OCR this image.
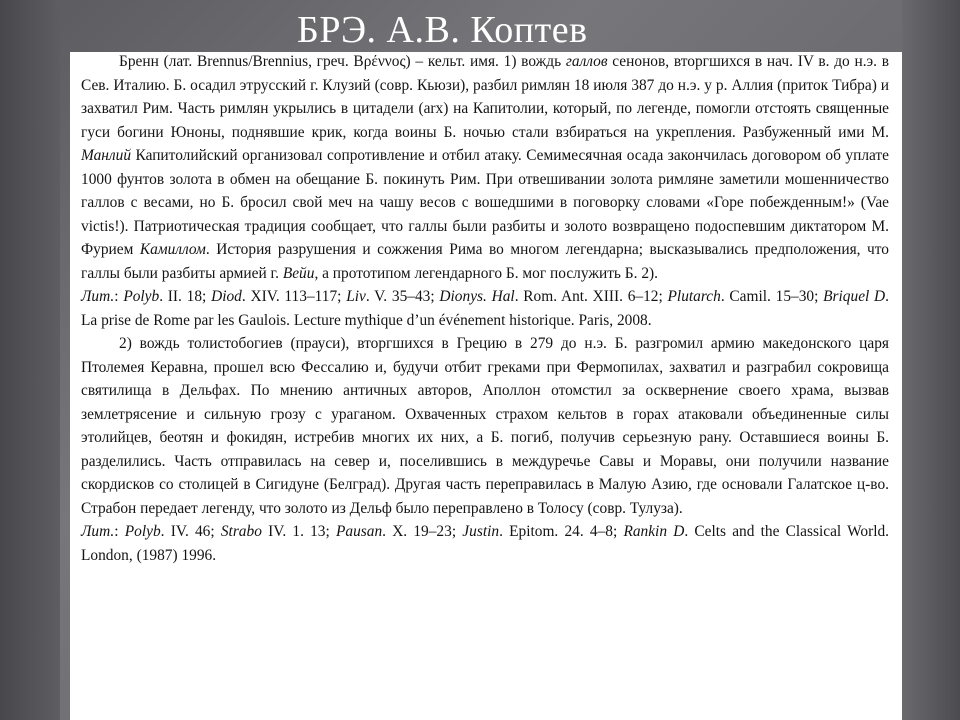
БРЭ. А.В. Коптев

Бренн (лат. Brennus/Brennius, греч. Βρέννος) – кельт. имя. 1) вождь галлов сенонов, вторгшихся в нач. IV в. до н.э. в Сев. Италию. Б. осадил этрусский г. Клузий (совр. Кьюзи), разбил римлян 18 июля 387 до н.э. у р. Аллия (приток Тибра) и захватил Рим. Часть римлян укрылись в цитадели (arx) на Капитолии, который, по легенде, помогли отстоять священные гуси богини Юноны, поднявшие крик, когда воины Б. ночью стали взбираться на укрепления. Разбуженный ими М. Манлий Капитолийский организовал сопротивление и отбил атаку. Семимесячная осада закончилась договором об уплате 1000 фунтов золота в обмен на обещание Б. покинуть Рим. При отвешивании золота римляне заметили мошенничество галлов с весами, но Б. бросил свой меч на чашу весов с вошедшими в поговорку словами «Горе побежденным!» (Vae victis!). Патриотическая традиция сообщает, что галлы были разбиты и золото возвращено подоспевшим диктатором М. Фурием Камиллом. История разрушения и сожжения Рима во многом легендарна; высказывались предположения, что галлы были разбиты армией г. Вейи, а прототипом легендарного Б. мог послужить Б. 2).

Лит.: Polyb. II. 18; Diod. XIV. 113–117; Liv. V. 35–43; Dionys. Hal. Rom. Ant. XIII. 6–12; Plutarch. Camil. 15–30; Briquel D. La prise de Rome par les Gaulois. Lecture mythique d’un événement historique. Paris, 2008.

2) вождь толистобогиев (прауси), вторгшихся в Грецию в 279 до н.э. Б. разгромил армию македонского царя Птолемея Керавна, прошел всю Фессалию и, будучи отбит греками при Фермопилах, захватил и разграбил сокровища святилища в Дельфах. По мнению античных авторов, Аполлон отомстил за осквернение своего храма, вызвав землетрясение и сильную грозу с ураганом. Охваченных страхом кельтов в горах атаковали объединенные силы этолийцев, беотян и фокидян, истребив многих их них, а Б. погиб, получив серьезную рану. Оставшиеся воины Б. разделились. Часть отправилась на север и, поселившись в междуречье Савы и Моравы, они получили название скордисков со столицей в Сигидуне (Белград). Другая часть переправилась в Малую Азию, где основали Галатское ц-во. Страбон передает легенду, что золото из Дельф было переправлено в Толосу (совр. Тулуза).

Лит.: Polyb. IV. 46; Strabo IV. 1. 13; Pausan. X. 19–23; Justin. Epitom. 24. 4–8; Rankin D. Celts and the Classical World. London, (1987) 1996.
